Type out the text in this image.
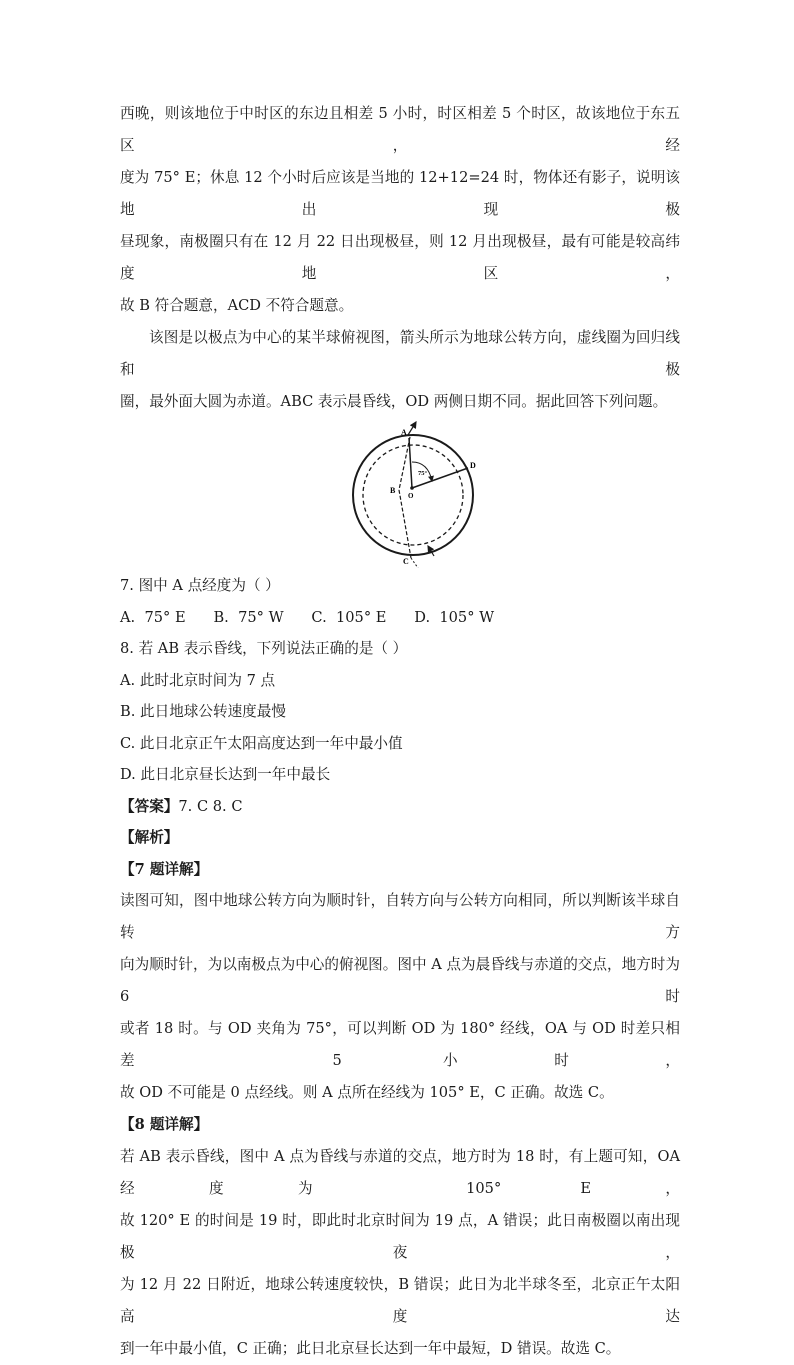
西晚，则该地位于中时区的东边且相差 5 小时，时区相差 5 个时区，故该地位于东五区，经

度为 75° E；休息 12 个小时后应该是当地的 12+12=24 时，物体还有影子，说明该地出现极

昼现象，南极圈只有在 12 月 22 日出现极昼，则 12 月出现极昼，最有可能是较高纬度地区，

故 B 符合题意，ACD 不符合题意。

该图是以极点为中心的某半球俯视图，箭头所示为地球公转方向，虚线圈为回归线和极

圈，最外面大圆为赤道。ABC 表示晨昏线，OD 两侧日期不同。据此回答下列问题。

A
B
C
D
O
75°

7. 图中 A 点经度为（ ）

A.  75° E      B.  75° W      C.  105° E      D.  105° W

8. 若 AB 表示昏线，下列说法正确的是（ ）

A. 此时北京时间为 7 点

B. 此日地球公转速度最慢

C. 此日北京正午太阳高度达到一年中最小值

D. 此日北京昼长达到一年中最长

【答案】7. C 8. C

【解析】

【7 题详解】

读图可知，图中地球公转方向为顺时针，自转方向与公转方向相同，所以判断该半球自转方

向为顺时针，为以南极点为中心的俯视图。图中 A 点为晨昏线与赤道的交点，地方时为 6 时

或者 18 时。与 OD 夹角为 75°，可以判断 OD 为 180° 经线，OA 与 OD 时差只相差 5 小时，

故 OD 不可能是 0 点经线。则 A 点所在经线为 105° E，C 正确。故选 C。

【8 题详解】

若 AB 表示昏线，图中 A 点为昏线与赤道的交点，地方时为 18 时，有上题可知，OA 经度为 105° E，

故 120° E 的时间是 19 时，即此时北京时间为 19 点，A 错误；此日南极圈以南出现极夜，

为 12 月 22 日附近，地球公转速度较快，B 错误；此日为北半球冬至，北京正午太阳高度达

到一年中最小值，C 正确；此日北京昼长达到一年中最短，D 错误。故选 C。
